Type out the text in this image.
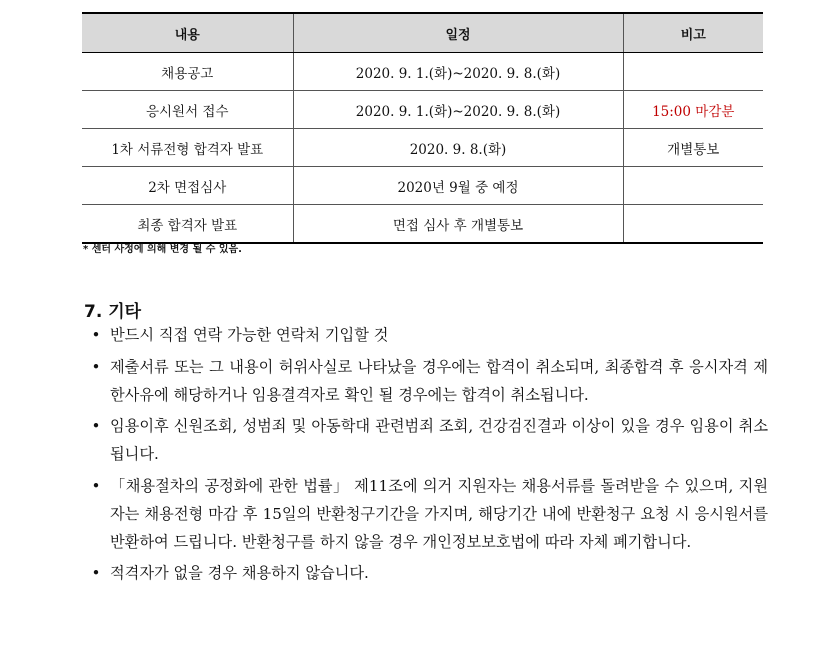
내용	일정	비고
채용공고	2020. 9. 1.(화)~2020. 9. 8.(화)	
응시원서 접수	2020. 9. 1.(화)~2020. 9. 8.(화)	15:00 마감분
1차 서류전형 합격자 발표	2020. 9. 8.(화)	개별통보
2차 면접심사	2020년 9월 중 예정	
최종 합격자 발표	면접 심사 후 개별통보	
* 센터 사정에 의해 변경 될 수 있음.
7. 기타
• 반드시 직접 연락 가능한 연락처 기입할 것
• 제출서류 또는 그 내용이 허위사실로 나타났을 경우에는 합격이 취소되며, 최종합격 후 응시자격 제한사유에 해당하거나 임용결격자로 확인 될 경우에는 합격이 취소됩니다.
• 임용이후 신원조회, 성범죄 및 아동학대 관련범죄 조회, 건강검진결과 이상이 있을 경우 임용이 취소됩니다.
• 「채용절차의 공정화에 관한 법률」 제11조에 의거 지원자는 채용서류를 돌려받을 수 있으며, 지원자는 채용전형 마감 후 15일의 반환청구기간을 가지며, 해당기간 내에 반환청구 요청 시 응시원서를 반환하여 드립니다. 반환청구를 하지 않을 경우 개인정보보호법에 따라 자체 폐기합니다.
• 적격자가 없을 경우 채용하지 않습니다.
